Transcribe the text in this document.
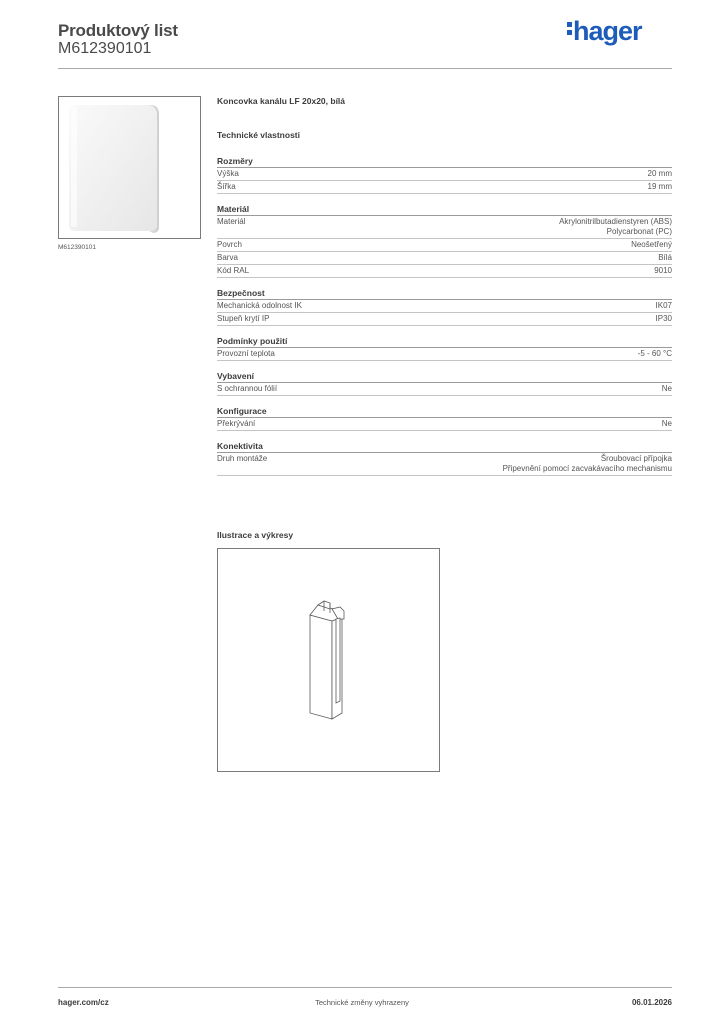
Produktový list
M612390101
hager
M612390101
Koncovka kanálu LF 20x20, bílá
Technické vlastnosti
Rozměry
Výška	20 mm
Šířka	19 mm
Materiál
Materiál	Akrylonitrilbutadienstyren (ABS)
Polycarbonat (PC)
Povrch	Neošetřený
Barva	Bílá
Kód RAL	9010
Bezpečnost
Mechanická odolnost IK	IK07
Stupeň krytí IP	IP30
Podmínky použití
Provozní teplota	-5 - 60 °C
Vybavení
S ochrannou fólií	Ne
Konfigurace
Překrývání	Ne
Konektivita
Druh montáže	Šroubovací přípojka
Připevnění pomocí zacvakávacího mechanismu
Ilustrace a výkresy
hager.com/cz	Technické změny vyhrazeny	06.01.2026
